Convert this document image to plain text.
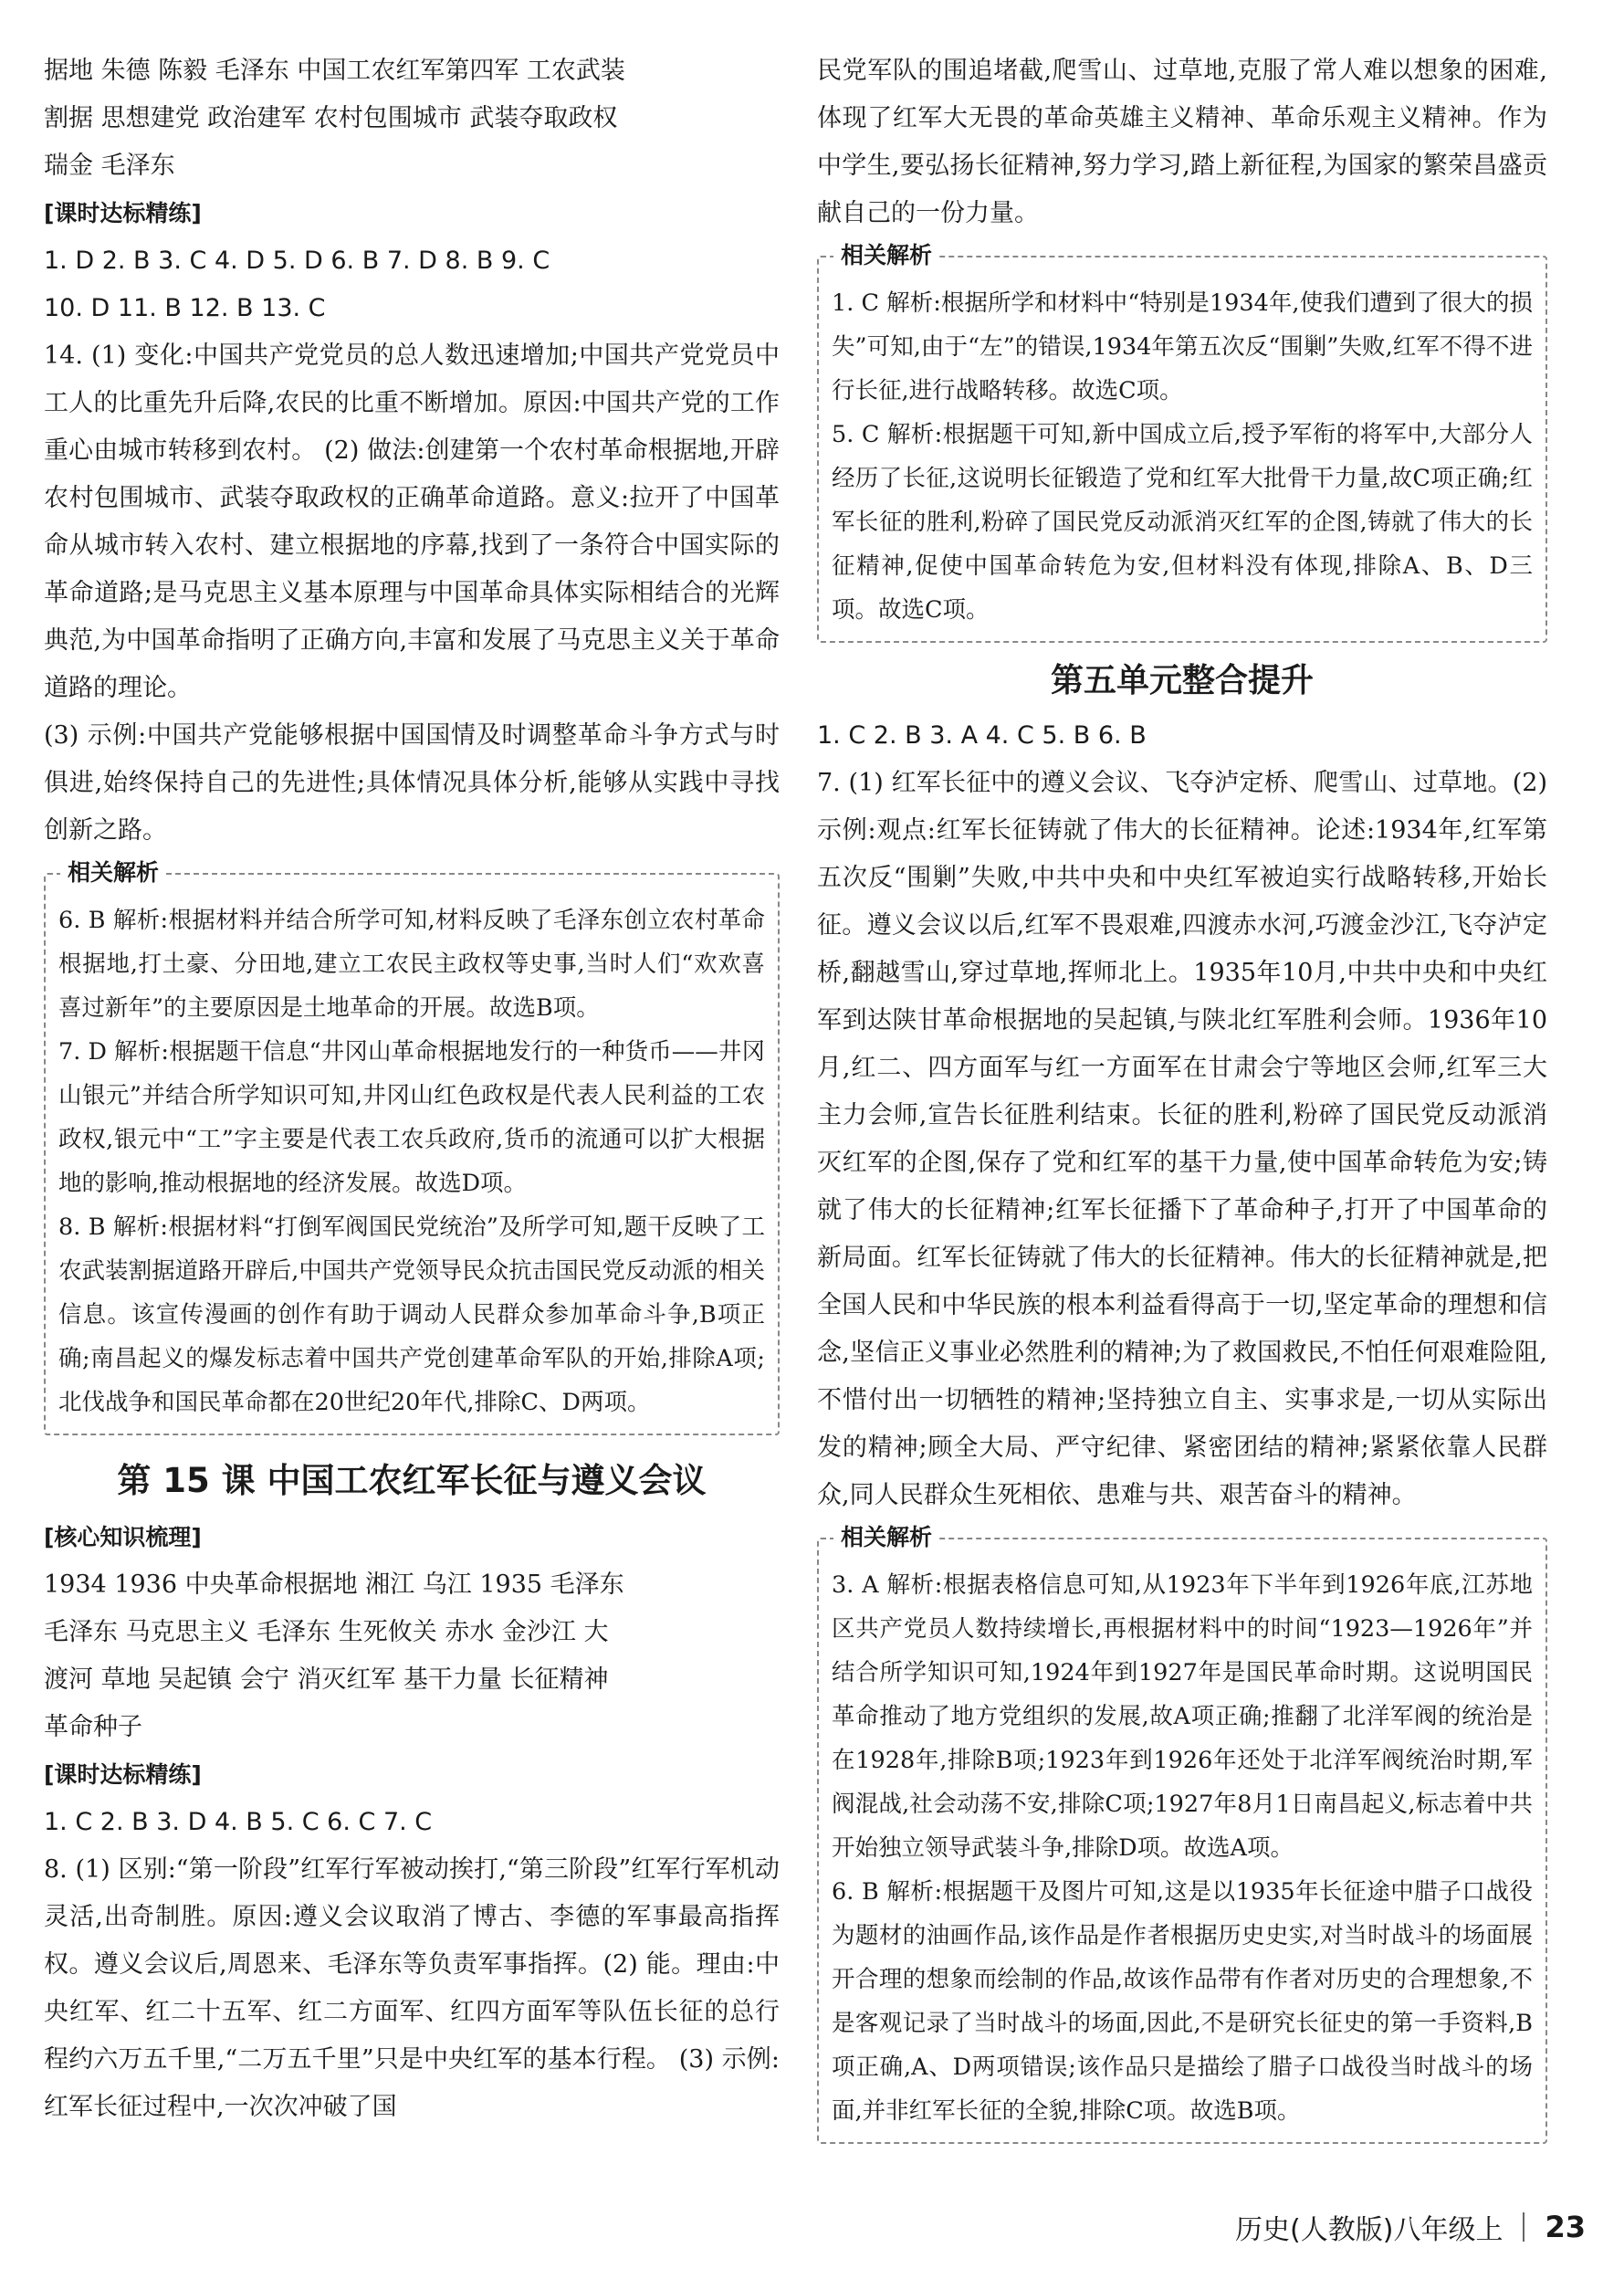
据地 朱德 陈毅 毛泽东 中国工农红军第四军 工农武装

割据 思想建党 政治建军 农村包围城市 武装夺取政权

瑞金 毛泽东

[课时达标精练]

1. D 2. B 3. C 4. D 5. D 6. B 7. D 8. B 9. C

10. D 11. B 12. B 13. C

14. (1) 变化:中国共产党党员的总人数迅速增加;中国共产党党员中工人的比重先升后降,农民的比重不断增加。原因:中国共产党的工作重心由城市转移到农村。 (2) 做法:创建第一个农村革命根据地,开辟农村包围城市、武装夺取政权的正确革命道路。意义:拉开了中国革命从城市转入农村、建立根据地的序幕,找到了一条符合中国实际的革命道路;是马克思主义基本原理与中国革命具体实际相结合的光辉典范,为中国革命指明了正确方向,丰富和发展了马克思主义关于革命道路的理论。

(3) 示例:中国共产党能够根据中国国情及时调整革命斗争方式与时俱进,始终保持自己的先进性;具体情况具体分析,能够从实践中寻找创新之路。

相关解析

6. B 解析:根据材料并结合所学可知,材料反映了毛泽东创立农村革命根据地,打土豪、分田地,建立工农民主政权等史事,当时人们“欢欢喜喜过新年”的主要原因是土地革命的开展。故选B项。

7. D 解析:根据题干信息“井冈山革命根据地发行的一种货币——井冈山银元”并结合所学知识可知,井冈山红色政权是代表人民利益的工农政权,银元中“工”字主要是代表工农兵政府,货币的流通可以扩大根据地的影响,推动根据地的经济发展。故选D项。

8. B 解析:根据材料“打倒军阀国民党统治”及所学可知,题干反映了工农武装割据道路开辟后,中国共产党领导民众抗击国民党反动派的相关信息。该宣传漫画的创作有助于调动人民群众参加革命斗争,B项正确;南昌起义的爆发标志着中国共产党创建革命军队的开始,排除A项;北伐战争和国民革命都在20世纪20年代,排除C、D两项。

第 15 课 中国工农红军长征与遵义会议
[核心知识梳理]

1934 1936 中央革命根据地 湘江 乌江 1935 毛泽东

毛泽东 马克思主义 毛泽东 生死攸关 赤水 金沙江 大

渡河 草地 吴起镇 会宁 消灭红军 基干力量 长征精神

革命种子

[课时达标精练]

1. C 2. B 3. D 4. B 5. C 6. C 7. C

8. (1) 区别:“第一阶段”红军行军被动挨打,“第三阶段”红军行军机动灵活,出奇制胜。原因:遵义会议取消了博古、李德的军事最高指挥权。遵义会议后,周恩来、毛泽东等负责军事指挥。(2) 能。理由:中央红军、红二十五军、红二方面军、红四方面军等队伍长征的总行程约六万五千里,“二万五千里”只是中央红军的基本行程。 (3) 示例:红军长征过程中,一次次冲破了国

民党军队的围追堵截,爬雪山、过草地,克服了常人难以想象的困难,体现了红军大无畏的革命英雄主义精神、革命乐观主义精神。作为中学生,要弘扬长征精神,努力学习,踏上新征程,为国家的繁荣昌盛贡献自己的一份力量。

相关解析

1. C 解析:根据所学和材料中“特别是1934年,使我们遭到了很大的损失”可知,由于“左”的错误,1934年第五次反“围剿”失败,红军不得不进行长征,进行战略转移。故选C项。

5. C 解析:根据题干可知,新中国成立后,授予军衔的将军中,大部分人经历了长征,这说明长征锻造了党和红军大批骨干力量,故C项正确;红军长征的胜利,粉碎了国民党反动派消灭红军的企图,铸就了伟大的长征精神,促使中国革命转危为安,但材料没有体现,排除A、B、D三项。故选C项。

第五单元整合提升

1. C 2. B 3. A 4. C 5. B 6. B

7. (1) 红军长征中的遵义会议、飞夺泸定桥、爬雪山、过草地。(2) 示例:观点:红军长征铸就了伟大的长征精神。论述:1934年,红军第五次反“围剿”失败,中共中央和中央红军被迫实行战略转移,开始长征。遵义会议以后,红军不畏艰难,四渡赤水河,巧渡金沙江,飞夺泸定桥,翻越雪山,穿过草地,挥师北上。1935年10月,中共中央和中央红军到达陕甘革命根据地的吴起镇,与陕北红军胜利会师。1936年10月,红二、四方面军与红一方面军在甘肃会宁等地区会师,红军三大主力会师,宣告长征胜利结束。长征的胜利,粉碎了国民党反动派消灭红军的企图,保存了党和红军的基干力量,使中国革命转危为安;铸就了伟大的长征精神;红军长征播下了革命种子,打开了中国革命的新局面。红军长征铸就了伟大的长征精神。伟大的长征精神就是,把全国人民和中华民族的根本利益看得高于一切,坚定革命的理想和信念,坚信正义事业必然胜利的精神;为了救国救民,不怕任何艰难险阻,不惜付出一切牺牲的精神;坚持独立自主、实事求是,一切从实际出发的精神;顾全大局、严守纪律、紧密团结的精神;紧紧依靠人民群众,同人民群众生死相依、患难与共、艰苦奋斗的精神。

相关解析

3. A 解析:根据表格信息可知,从1923年下半年到1926年底,江苏地区共产党员人数持续增长,再根据材料中的时间“1923—1926年”并结合所学知识可知,1924年到1927年是国民革命时期。这说明国民革命推动了地方党组织的发展,故A项正确;推翻了北洋军阀的统治是在1928年,排除B项;1923年到1926年还处于北洋军阀统治时期,军阀混战,社会动荡不安,排除C项;1927年8月1日南昌起义,标志着中共开始独立领导武装斗争,排除D项。故选A项。

6. B 解析:根据题干及图片可知,这是以1935年长征途中腊子口战役为题材的油画作品,该作品是作者根据历史史实,对当时战斗的场面展开合理的想象而绘制的作品,故该作品带有作者对历史的合理想象,不是客观记录了当时战斗的场面,因此,不是研究长征史的第一手资料,B项正确,A、D两项错误;该作品只是描绘了腊子口战役当时战斗的场面,并非红军长征的全貌,排除C项。故选B项。

历史(人教版)八年级上 23
